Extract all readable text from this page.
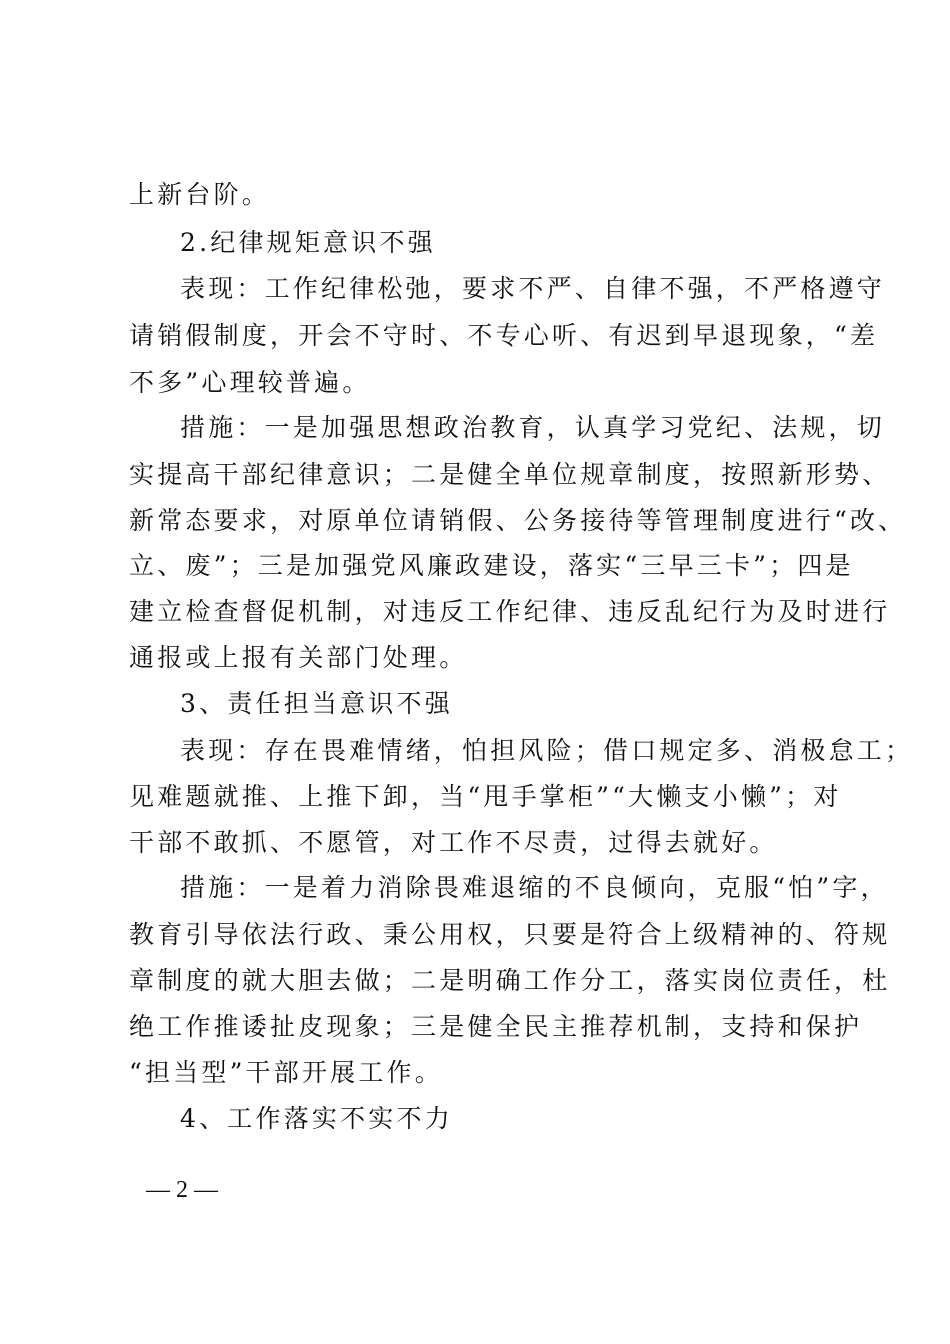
上新台阶。
2.纪律规矩意识不强
表现：工作纪律松弛，要求不严、自律不强，不严格遵守
请销假制度，开会不守时、不专心听、有迟到早退现象，“差
不多”心理较普遍。
措施：一是加强思想政治教育，认真学习党纪、法规，切
实提高干部纪律意识；二是健全单位规章制度，按照新形势、
新常态要求，对原单位请销假、公务接待等管理制度进行“改、
立、废”；三是加强党风廉政建设，落实“三早三卡”；四是
建立检查督促机制，对违反工作纪律、违反乱纪行为及时进行
通报或上报有关部门处理。
3、责任担当意识不强
表现：存在畏难情绪，怕担风险；借口规定多、消极怠工；
见难题就推、上推下卸，当“甩手掌柜”“大懒支小懒”；对
干部不敢抓、不愿管，对工作不尽责，过得去就好。
措施：一是着力消除畏难退缩的不良倾向，克服“怕”字，
教育引导依法行政、秉公用权，只要是符合上级精神的、符规
章制度的就大胆去做；二是明确工作分工，落实岗位责任，杜
绝工作推诿扯皮现象；三是健全民主推荐机制，支持和保护
“担当型”干部开展工作。
4、工作落实不实不力
— 2 —
